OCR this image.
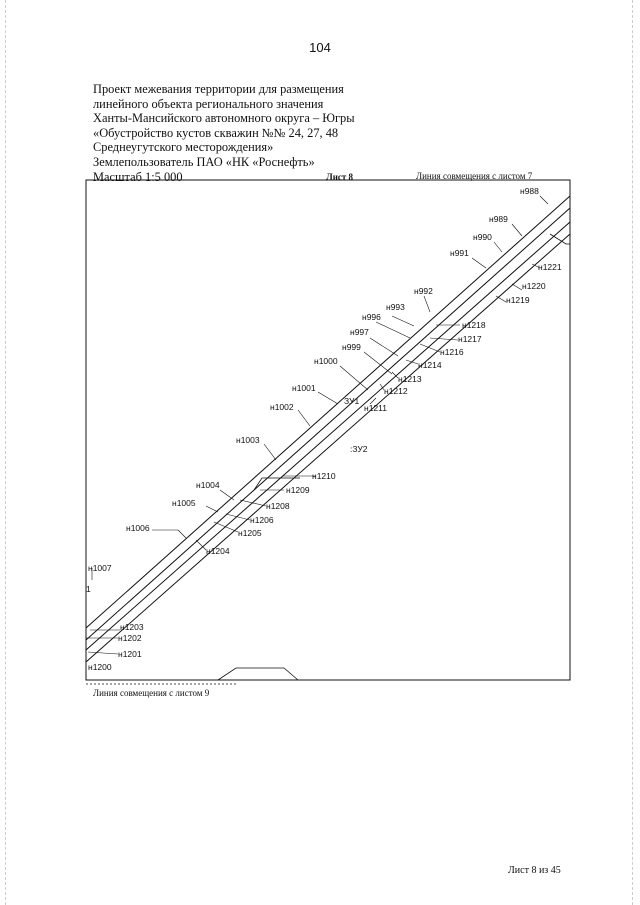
104
Проект межевания территории для размещения
линейного объекта регионального значения
Ханты-Мансийского автономного округа – Югры
«Обустройство кустов скважин №№ 24, 27, 48
Среднеугутского месторождения»
Землепользователь ПАО «НК «Роснефть»
Масштаб 1:5 000	Лист 8	Линия совмещения с листом 7
н988
н989
н990
н991
н992
н993
н996
н997
н999
н1000
н1001
н1002
н1003
н1004
н1005
н1006
н1007
н1221
н1220
н1219
н1218
н1217
н1216
н1214
н1213
н1212
н1211
н1210
н1209
н1208
н1206
н1205
н1204
н1203
н1202
н1201
н1200
ЗУ1
:ЗУ2
1
Линия совмещения с листом 9
Лист 8 из 45
